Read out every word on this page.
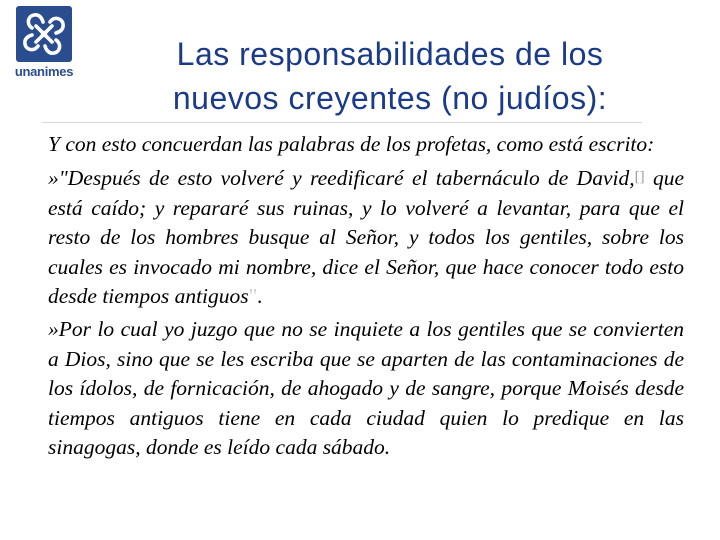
unanimes	Las responsabilidades de los
nuevos creyentes (no judíos):

Y con esto concuerdan las palabras de los profetas, como está escrito:

»"Después de esto volveré y reedificaré el tabernáculo de David,[] que está caído; y repararé sus ruinas, y lo volveré a levantar, para que el resto de los hombres busque al Señor, y todos los gentiles, sobre los cuales es invocado mi nombre, dice el Señor, que hace conocer todo esto desde tiempos antiguos".

»Por lo cual yo juzgo que no se inquiete a los gentiles que se convierten a Dios, sino que se les escriba que se aparten de las contaminaciones de los ídolos, de fornicación, de ahogado y de sangre, porque Moisés desde tiempos antiguos tiene en cada ciudad quien lo predique en las sinagogas, donde es leído cada sábado.
